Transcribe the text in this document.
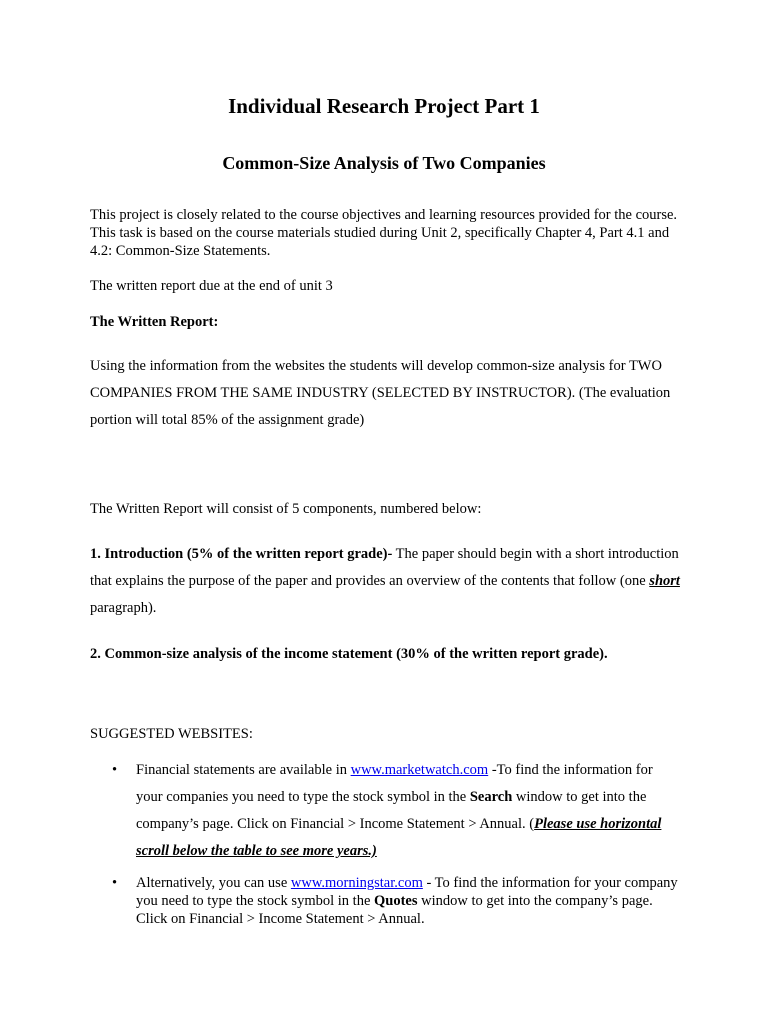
Individual Research Project Part 1
Common-Size Analysis of Two Companies

This project is closely related to the course objectives and learning resources provided for the course. This task is based on the course materials studied during Unit 2, specifically Chapter 4, Part 4.1 and 4.2: Common-Size Statements.

The written report due at the end of unit 3

The Written Report:

Using the information from the websites the students will develop common-size analysis for TWO COMPANIES FROM THE SAME INDUSTRY (SELECTED BY INSTRUCTOR). (The evaluation portion will total 85% of the assignment grade)

The Written Report will consist of 5 components, numbered below:

1. Introduction (5% of the written report grade)- The paper should begin with a short introduction that explains the purpose of the paper and provides an overview of the contents that follow (one short paragraph).

2. Common-size analysis of the income statement (30% of the written report grade).

SUGGESTED WEBSITES:

• Financial statements are available in www.marketwatch.com -To find the information for your companies you need to type the stock symbol in the Search window to get into the company’s page. Click on Financial > Income Statement > Annual. (Please use horizontal scroll below the table to see more years.)
• Alternatively, you can use www.morningstar.com - To find the information for your company you need to type the stock symbol in the Quotes window to get into the company’s page. Click on Financial > Income Statement > Annual.
